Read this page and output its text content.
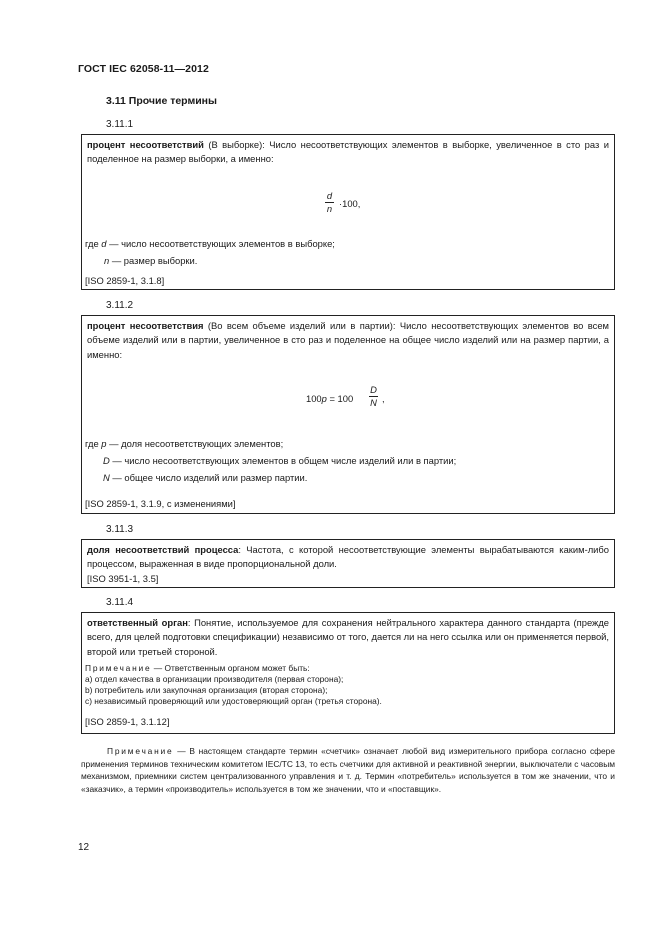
ГОСТ IEC 62058-11—2012
3.11 Прочие термины
3.11.1

процент несоответствий (В выборке): Число несоответствующих элементов в выборке, увеличенное в сто раз и поделенное на размер выборки, а именно:

d
n ·100,
где d — число несоответствующих элементов в выборке;
n — размер выборки.
[ISO 2859-1, 3.1.8]
3.11.2

процент несоответствия (Во всем объеме изделий или в партии): Число несоответствующих элементов во всем объеме изделий или в партии, увеличенное в сто раз и поделенное на общее число изделий или на размер партии, а именно:

100p = 100
D
N ,
где p — доля несоответствующих элементов;
D — число несоответствующих элементов в общем числе изделий или в партии;
N — общее число изделий или размер партии.
[ISO 2859-1, 3.1.9, с изменениями]
3.11.3

доля несоответствий процесса: Частота, с которой несоответствующие элементы вырабатываются каким-либо процессом, выраженная в виде пропорциональной доли.

[ISO 3951-1, 3.5]

3.11.4

ответственный орган: Понятие, используемое для сохранения нейтрального характера данного стандарта (прежде всего, для целей подготовки спецификации) независимо от того, дается ли на него ссылка или он применяется первой, второй или третьей стороной.

Примечание — Ответственным органом может быть:
a) отдел качества в организации производителя (первая сторона);
b) потребитель или закупочная организация (вторая сторона);
c) независимый проверяющий или удостоверяющий орган (третья сторона).
[ISO 2859-1, 3.1.12]

Примечание — В настоящем стандарте термин «счетчик» означает любой вид измерительного прибора согласно сфере применения терминов техническим комитетом IEC/TC 13, то есть счетчики для активной и реактивной энергии, выключатели с часовым механизмом, приемники систем централизованного управления и т. д. Термин «потребитель» используется в том же значении, что и «заказчик», а термин «производитель» используется в том же значении, что и «поставщик».

12
